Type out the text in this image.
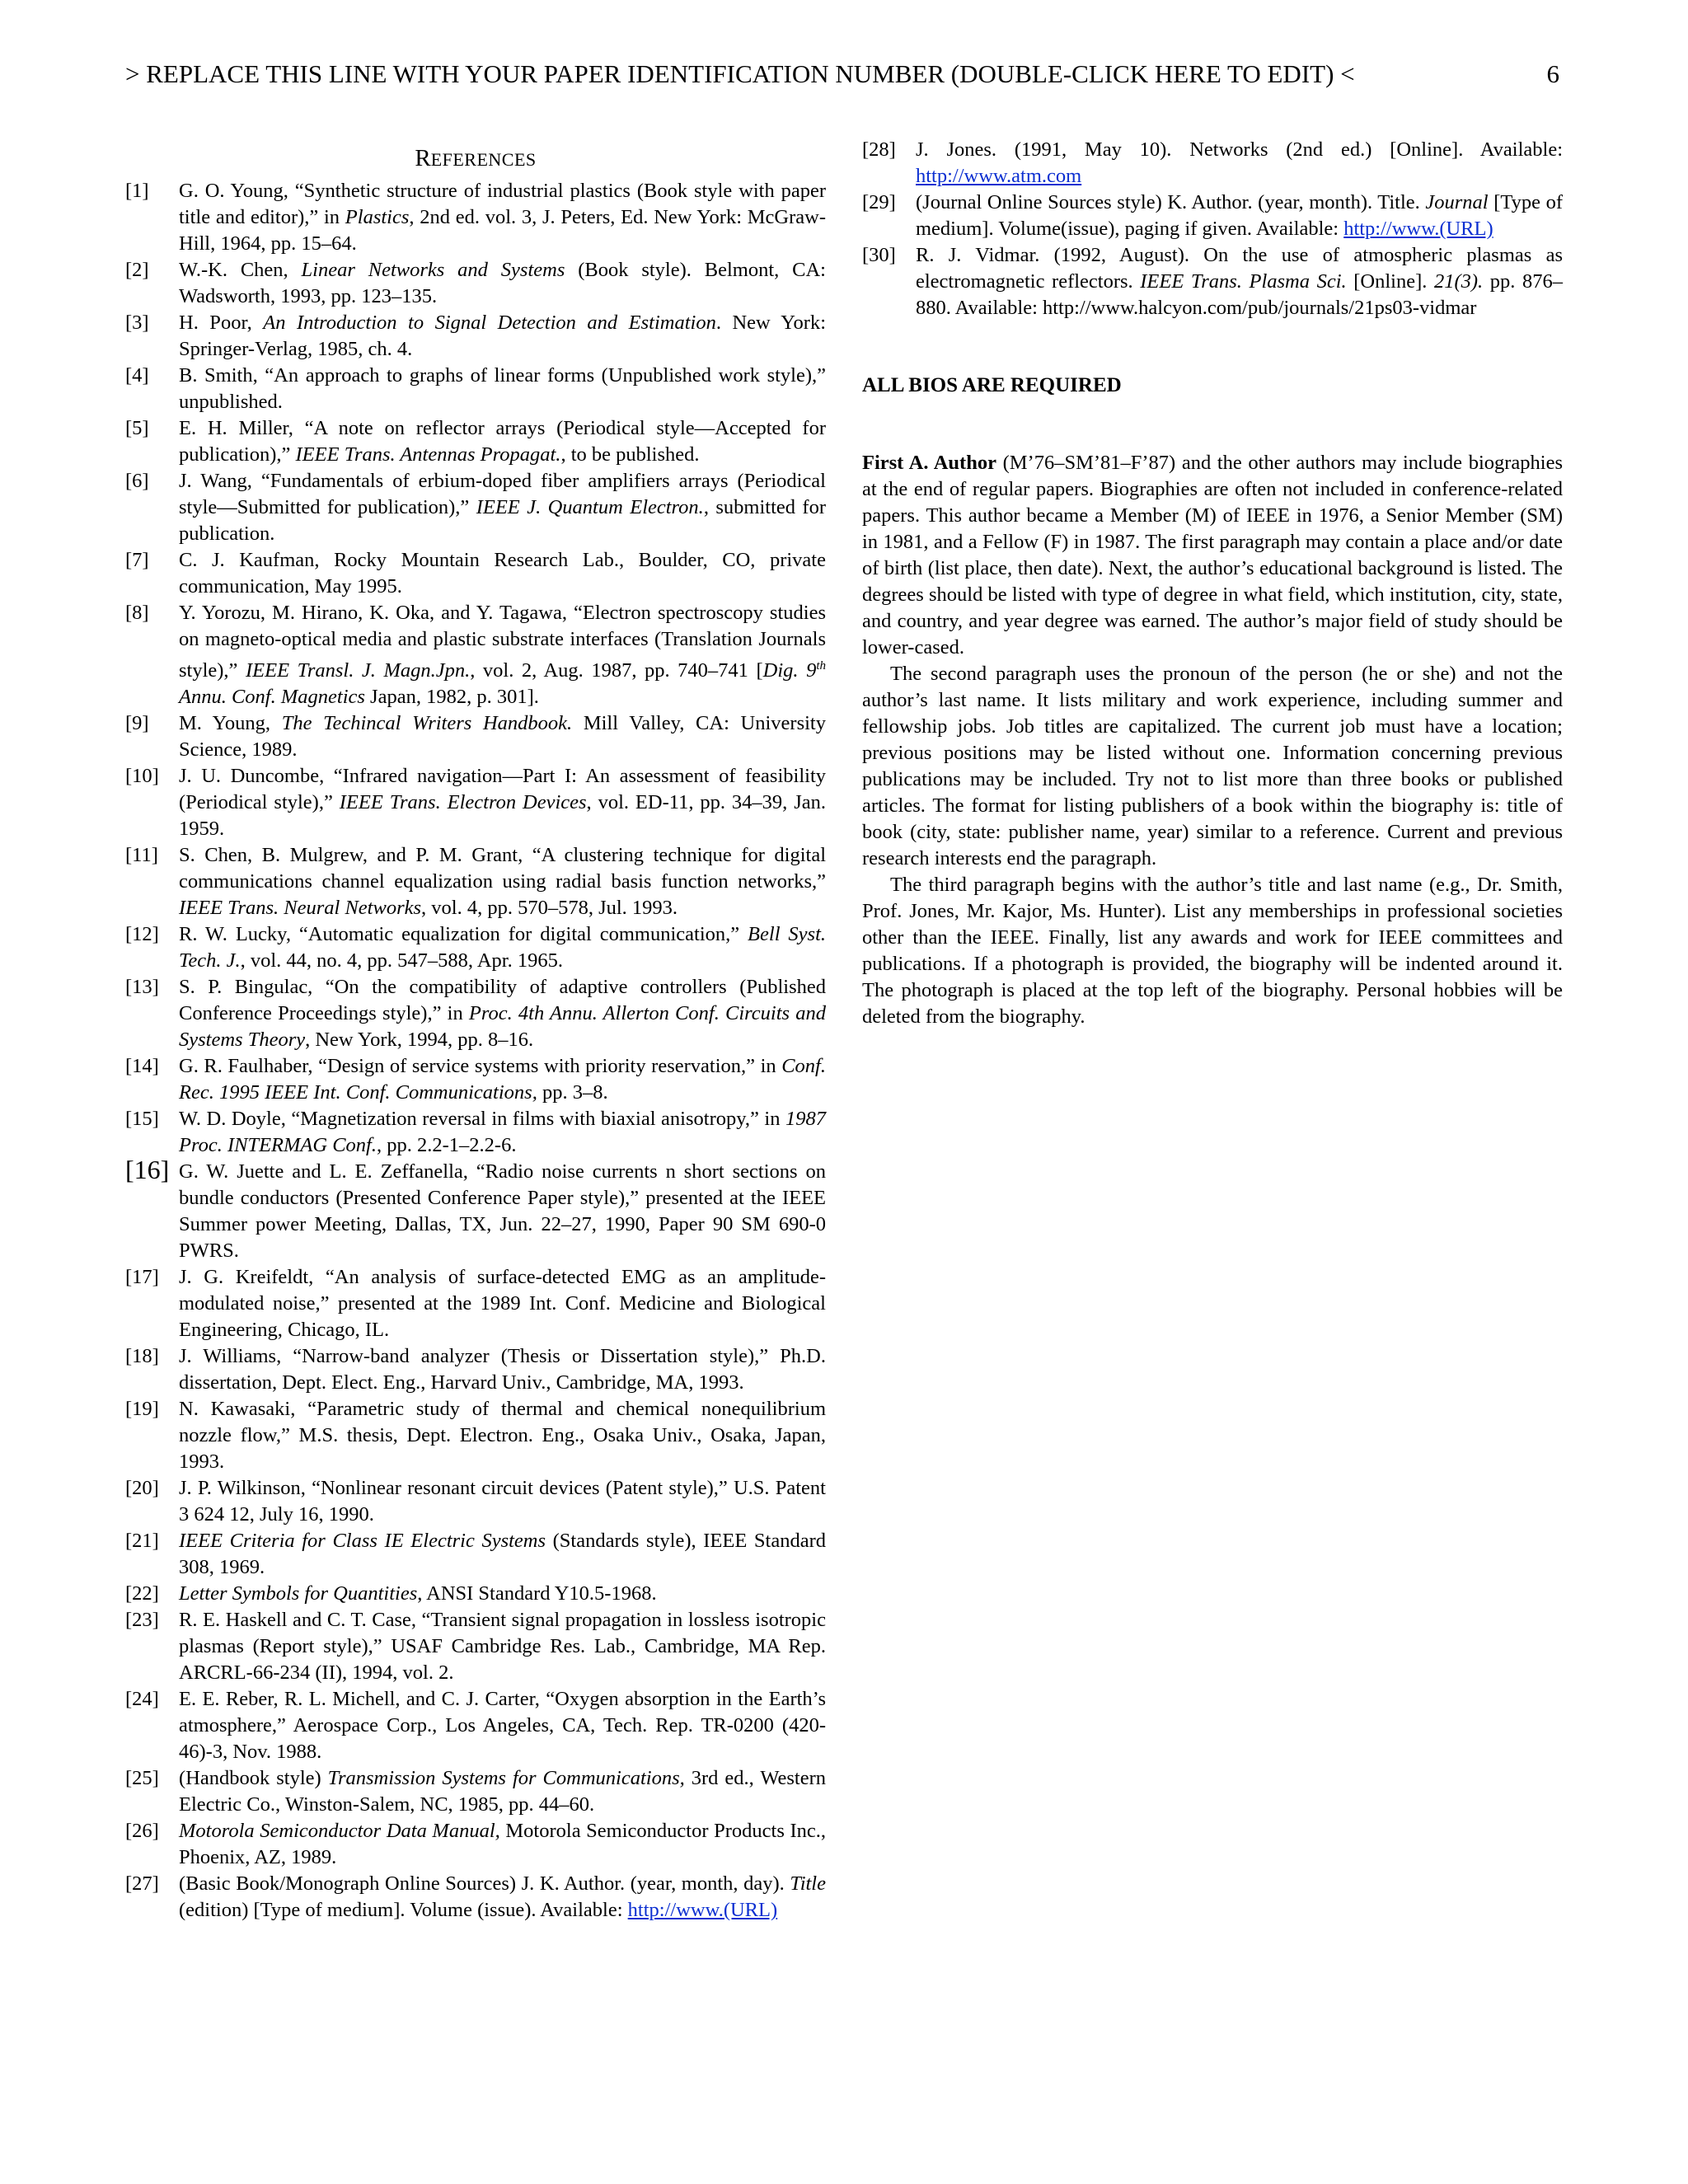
> REPLACE THIS LINE WITH YOUR PAPER IDENTIFICATION NUMBER (DOUBLE-CLICK HERE TO EDIT) <	6
REFERENCES
[1] G. O. Young, “Synthetic structure of industrial plastics (Book style with paper title and editor),” in Plastics, 2nd ed. vol. 3, J. Peters, Ed. New York: McGraw-Hill, 1964, pp. 15–64.
[2] W.-K. Chen, Linear Networks and Systems (Book style). Belmont, CA: Wadsworth, 1993, pp. 123–135.
[3] H. Poor, An Introduction to Signal Detection and Estimation. New York: Springer-Verlag, 1985, ch. 4.
[4] B. Smith, “An approach to graphs of linear forms (Unpublished work style),” unpublished.
[5] E. H. Miller, “A note on reflector arrays (Periodical style—Accepted for publication),” IEEE Trans. Antennas Propagat., to be published.
[6] J. Wang, “Fundamentals of erbium-doped fiber amplifiers arrays (Periodical style—Submitted for publication),” IEEE J. Quantum Electron., submitted for publication.
[7] C. J. Kaufman, Rocky Mountain Research Lab., Boulder, CO, private communication, May 1995.
[8] Y. Yorozu, M. Hirano, K. Oka, and Y. Tagawa, “Electron spectroscopy studies on magneto-optical media and plastic substrate interfaces (Translation Journals style),” IEEE Transl. J. Magn.Jpn., vol. 2, Aug. 1987, pp. 740–741 [Dig. 9th Annu. Conf. Magnetics Japan, 1982, p. 301].
[9] M. Young, The Techincal Writers Handbook. Mill Valley, CA: University Science, 1989.
[10] J. U. Duncombe, “Infrared navigation—Part I: An assessment of feasibility (Periodical style),” IEEE Trans. Electron Devices, vol. ED-11, pp. 34–39, Jan. 1959.
[11] S. Chen, B. Mulgrew, and P. M. Grant, “A clustering technique for digital communications channel equalization using radial basis function networks,” IEEE Trans. Neural Networks, vol. 4, pp. 570–578, Jul. 1993.
[12] R. W. Lucky, “Automatic equalization for digital communication,” Bell Syst. Tech. J., vol. 44, no. 4, pp. 547–588, Apr. 1965.
[13] S. P. Bingulac, “On the compatibility of adaptive controllers (Published Conference Proceedings style),” in Proc. 4th Annu. Allerton Conf. Circuits and Systems Theory, New York, 1994, pp. 8–16.
[14] G. R. Faulhaber, “Design of service systems with priority reservation,” in Conf. Rec. 1995 IEEE Int. Conf. Communications, pp. 3–8.
[15] W. D. Doyle, “Magnetization reversal in films with biaxial anisotropy,” in 1987 Proc. INTERMAG Conf., pp. 2.2-1–2.2-6.
[16] G. W. Juette and L. E. Zeffanella, “Radio noise currents n short sections on bundle conductors (Presented Conference Paper style),” presented at the IEEE Summer power Meeting, Dallas, TX, Jun. 22–27, 1990, Paper 90 SM 690-0 PWRS.
[17] J. G. Kreifeldt, “An analysis of surface-detected EMG as an amplitude-modulated noise,” presented at the 1989 Int. Conf. Medicine and Biological Engineering, Chicago, IL.
[18] J. Williams, “Narrow-band analyzer (Thesis or Dissertation style),” Ph.D. dissertation, Dept. Elect. Eng., Harvard Univ., Cambridge, MA, 1993.
[19] N. Kawasaki, “Parametric study of thermal and chemical nonequilibrium nozzle flow,” M.S. thesis, Dept. Electron. Eng., Osaka Univ., Osaka, Japan, 1993.
[20] J. P. Wilkinson, “Nonlinear resonant circuit devices (Patent style),” U.S. Patent 3 624 12, July 16, 1990.
[21] IEEE Criteria for Class IE Electric Systems (Standards style), IEEE Standard 308, 1969.
[22] Letter Symbols for Quantities, ANSI Standard Y10.5-1968.
[23] R. E. Haskell and C. T. Case, “Transient signal propagation in lossless isotropic plasmas (Report style),” USAF Cambridge Res. Lab., Cambridge, MA Rep. ARCRL-66-234 (II), 1994, vol. 2.
[24] E. E. Reber, R. L. Michell, and C. J. Carter, “Oxygen absorption in the Earth’s atmosphere,” Aerospace Corp., Los Angeles, CA, Tech. Rep. TR-0200 (420-46)-3, Nov. 1988.
[25] (Handbook style) Transmission Systems for Communications, 3rd ed., Western Electric Co., Winston-Salem, NC, 1985, pp. 44–60.
[26] Motorola Semiconductor Data Manual, Motorola Semiconductor Products Inc., Phoenix, AZ, 1989.
[27] (Basic Book/Monograph Online Sources) J. K. Author. (year, month, day). Title (edition) [Type of medium]. Volume (issue). Available: http://www.(URL)
[28] J. Jones. (1991, May 10). Networks (2nd ed.) [Online]. Available: http://www.atm.com
[29] (Journal Online Sources style) K. Author. (year, month). Title. Journal [Type of medium]. Volume(issue), paging if given. Available: http://www.(URL)
[30] R. J. Vidmar. (1992, August). On the use of atmospheric plasmas as electromagnetic reflectors. IEEE Trans. Plasma Sci. [Online]. 21(3). pp. 876–880. Available: http://www.halcyon.com/pub/journals/21ps03-vidmar
ALL BIOS ARE REQUIRED

First A. Author (M’76–SM’81–F’87) and the other authors may include biographies at the end of regular papers. Biographies are often not included in conference-related papers. This author became a Member (M) of IEEE in 1976, a Senior Member (SM) in 1981, and a Fellow (F) in 1987. The first paragraph may contain a place and/or date of birth (list place, then date). Next, the author’s educational background is listed. The degrees should be listed with type of degree in what field, which institution, city, state, and country, and year degree was earned. The author’s major field of study should be lower-cased.

The second paragraph uses the pronoun of the person (he or she) and not the author’s last name. It lists military and work experience, including summer and fellowship jobs. Job titles are capitalized. The current job must have a location; previous positions may be listed without one. Information concerning previous publications may be included. Try not to list more than three books or published articles. The format for listing publishers of a book within the biography is: title of book (city, state: publisher name, year) similar to a reference. Current and previous research interests end the paragraph.

The third paragraph begins with the author’s title and last name (e.g., Dr. Smith, Prof. Jones, Mr. Kajor, Ms. Hunter). List any memberships in professional societies other than the IEEE. Finally, list any awards and work for IEEE committees and publications. If a photograph is provided, the biography will be indented around it. The photograph is placed at the top left of the biography. Personal hobbies will be deleted from the biography.
